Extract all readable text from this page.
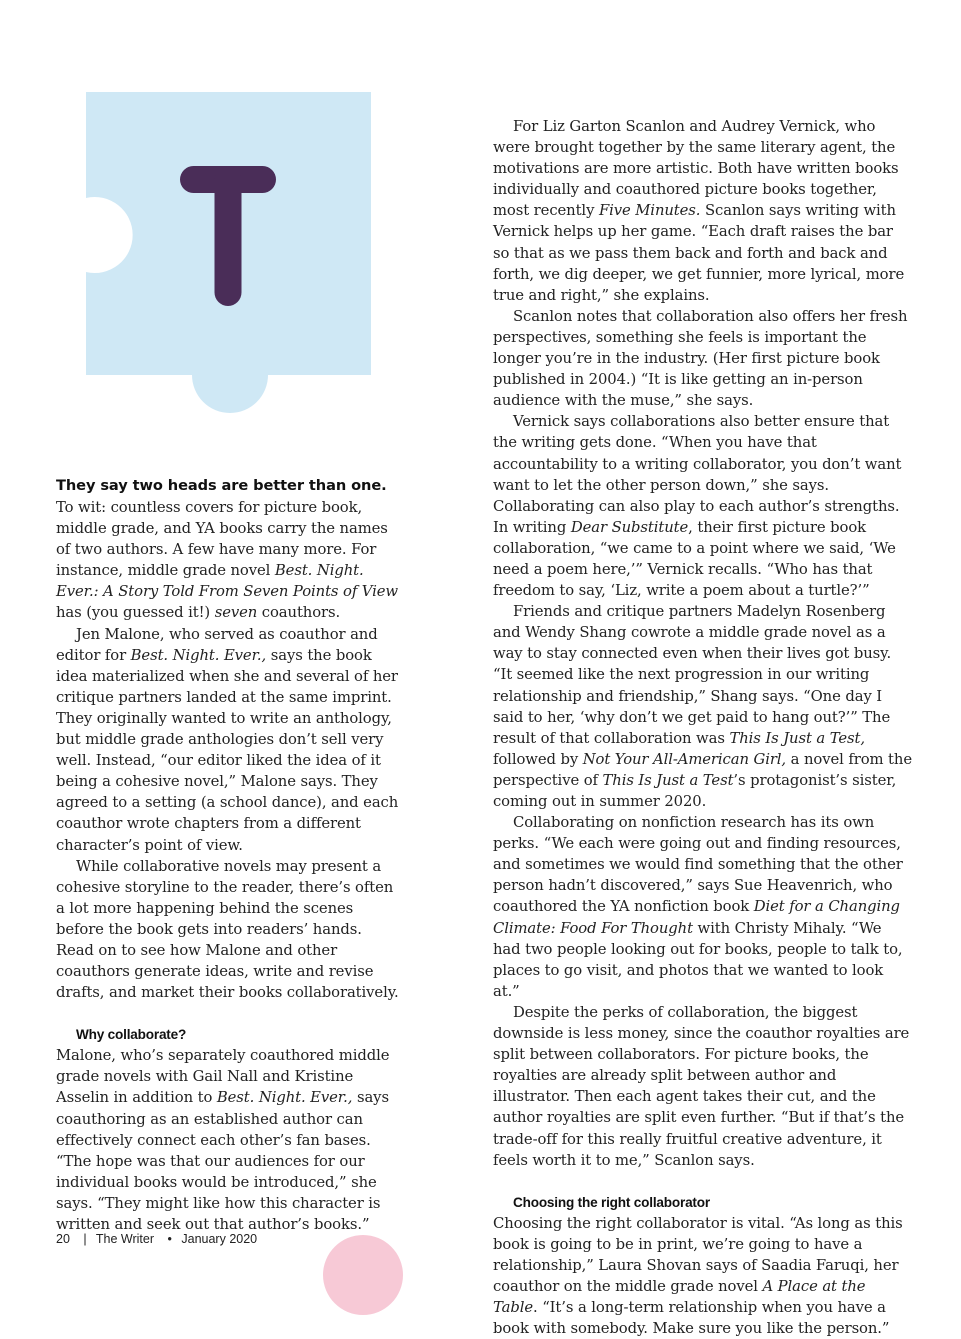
T

They say two heads are better than one.
To wit: countless covers for picture book, middle grade, and YA books carry the names of two authors. A few have many more. For instance, middle grade novel Best. Night. Ever.: A Story Told From Seven Points of View has (you guessed it!) seven coauthors.

Jen Malone, who served as coauthor and editor for Best. Night. Ever., says the book idea materialized when she and several of her critique partners landed at the same imprint. They originally wanted to write an anthology, but middle grade anthologies don’t sell very well. Instead, “our editor liked the idea of it being a cohesive novel,” Malone says. They agreed to a setting (a school dance), and each coauthor wrote chapters from a different character’s point of view.

While collaborative novels may present a cohesive storyline to the reader, there’s often a lot more happening behind the scenes before the book gets into readers’ hands. Read on to see how Malone and other coauthors generate ideas, write and revise drafts, and market their books collaboratively.

Why collaborate?

Malone, who’s separately coauthored middle grade novels with Gail Nall and Kristine Asselin in addition to Best. Night. Ever., says coauthoring as an established author can effectively connect each other’s fan bases. “The hope was that our audiences for our individual books would be introduced,” she says. “They might like how this character is written and seek out that author’s books.”

For Liz Garton Scanlon and Audrey Vernick, who were brought together by the same literary agent, the motivations are more artistic. Both have written books individually and coauthored picture books together, most recently Five Minutes. Scanlon says writing with Vernick helps up her game. “Each draft raises the bar so that as we pass them back and forth and back and forth, we dig deeper, we get funnier, more lyrical, more true and right,” she explains.

Scanlon notes that collaboration also offers her fresh perspectives, something she feels is important the longer you’re in the industry. (Her first picture book published in 2004.) “It is like getting an in-person audience with the muse,” she says.

Vernick says collaborations also better ensure that the writing gets done. “When you have that accountability to a writing collaborator, you don’t want want to let the other person down,” she says. Collaborating can also play to each author’s strengths. In writing Dear Substitute, their first picture book collaboration, “we came to a point where we said, ‘We need a poem here,’” Vernick recalls. “Who has that freedom to say, ‘Liz, write a poem about a turtle?’”

Friends and critique partners Madelyn Rosenberg and Wendy Shang cowrote a middle grade novel as a way to stay connected even when their lives got busy. “It seemed like the next progression in our writing relationship and friendship,” Shang says. “One day I said to her, ‘why don’t we get paid to hang out?’” The result of that collaboration was This Is Just a Test, followed by Not Your All-American Girl, a novel from the perspective of This Is Just a Test’s protagonist’s sister, coming out in summer 2020.

Collaborating on nonfiction research has its own perks. “We each were going out and finding resources, and sometimes we would find something that the other person hadn’t discovered,” says Sue Heavenrich, who coauthored the YA nonfiction book Diet for a Changing Climate: Food For Thought with Christy Mihaly. “We had two people looking out for books, people to talk to, places to go visit, and photos that we wanted to look at.”

Despite the perks of collaboration, the biggest downside is less money, since the coauthor royalties are split between collaborators. For picture books, the royalties are already split between author and illustrator. Then each agent takes their cut, and the author royalties are split even further. “But if that’s the trade-off for this really fruitful creative adventure, it feels worth it to me,” Scanlon says.

Choosing the right collaborator

Choosing the right collaborator is vital. “As long as this book is going to be in print, we’re going to have a relationship,” Laura Shovan says of Saadia Faruqi, her coauthor on the middle grade novel A Place at the Table. “It’s a long-term relationship when you have a book with somebody. Make sure you like the person.”

20 | The Writer • January 2020
